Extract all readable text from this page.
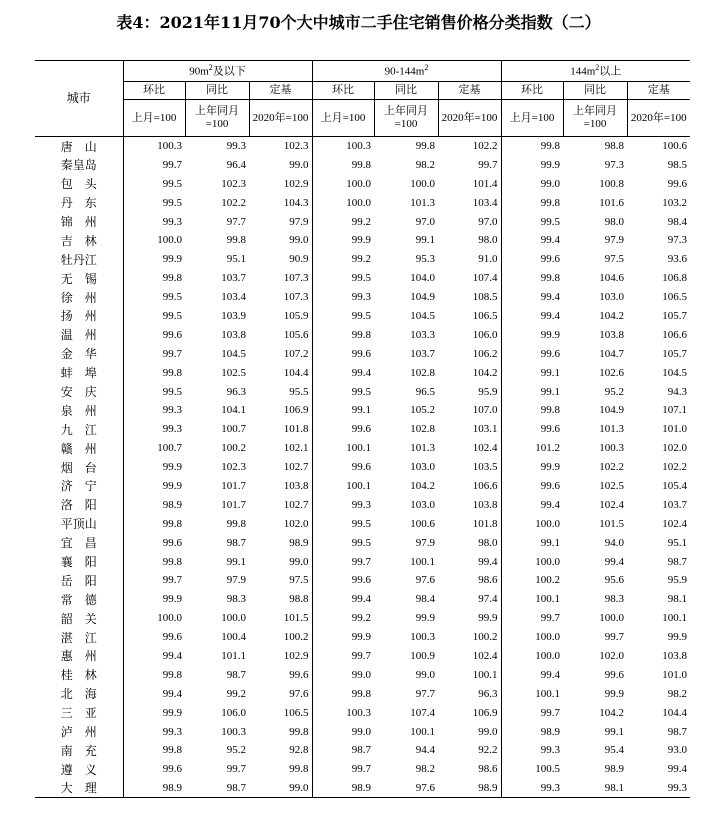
表4：2021年11月70个大中城市二手住宅销售价格分类指数（二）
城市	$90m^2$及以下			$90-144m^2$			$144m^2$以上		
	环比	同比	定基	环比	同比	定基	环比	同比	定基
	上月=100	上年同月=100	2020年=100	上月=100	上年同月=100	2020年=100	上月=100	上年同月=100	2020年=100
唐　山	100.3	99.3	102.3	100.3	99.8	102.2	99.8	98.8	100.6
秦皇岛	99.7	96.4	99.0	99.8	98.2	99.7	99.9	97.3	98.5
包　头	99.5	102.3	102.9	100.0	100.0	101.4	99.0	100.8	99.6
丹　东	99.5	102.2	104.3	100.0	101.3	103.4	99.8	101.6	103.2
锦　州	99.3	97.7	97.9	99.2	97.0	97.0	99.5	98.0	98.4
吉　林	100.0	99.8	99.0	99.9	99.1	98.0	99.4	97.9	97.3
牡丹江	99.9	95.1	90.9	99.2	95.3	91.0	99.6	97.5	93.6
无　锡	99.8	103.7	107.3	99.5	104.0	107.4	99.8	104.6	106.8
徐　州	99.5	103.4	107.3	99.3	104.9	108.5	99.4	103.0	106.5
扬　州	99.5	103.9	105.9	99.5	104.5	106.5	99.4	104.2	105.7
温　州	99.6	103.8	105.6	99.8	103.3	106.0	99.9	103.8	106.6
金　华	99.7	104.5	107.2	99.6	103.7	106.2	99.6	104.7	105.7
蚌　埠	99.8	102.5	104.4	99.4	102.8	104.2	99.1	102.6	104.5
安　庆	99.5	96.3	95.5	99.5	96.5	95.9	99.1	95.2	94.3
泉　州	99.3	104.1	106.9	99.1	105.2	107.0	99.8	104.9	107.1
九　江	99.3	100.7	101.8	99.6	102.8	103.1	99.6	101.3	101.0
赣　州	100.7	100.2	102.1	100.1	101.3	102.4	101.2	100.3	102.0
烟　台	99.9	102.3	102.7	99.6	103.0	103.5	99.9	102.2	102.2
济　宁	99.9	101.7	103.8	100.1	104.2	106.6	99.6	102.5	105.4
洛　阳	98.9	101.7	102.7	99.3	103.0	103.8	99.4	102.4	103.7
平顶山	99.8	99.8	102.0	99.5	100.6	101.8	100.0	101.5	102.4
宜　昌	99.6	98.7	98.9	99.5	97.9	98.0	99.1	94.0	95.1
襄　阳	99.8	99.1	99.0	99.7	100.1	99.4	100.0	99.4	98.7
岳　阳	99.7	97.9	97.5	99.6	97.6	98.6	100.2	95.6	95.9
常　德	99.9	98.3	98.8	99.4	98.4	97.4	100.1	98.3	98.1
韶　关	100.0	100.0	101.5	99.2	99.9	99.9	99.7	100.0	100.1
湛　江	99.6	100.4	100.2	99.9	100.3	100.2	100.0	99.7	99.9
惠　州	99.4	101.1	102.9	99.7	100.9	102.4	100.0	102.0	103.8
桂　林	99.8	98.7	99.6	99.0	99.0	100.1	99.4	99.6	101.0
北　海	99.4	99.2	97.6	99.8	97.7	96.3	100.1	99.9	98.2
三　亚	99.9	106.0	106.5	100.3	107.4	106.9	99.7	104.2	104.4
泸　州	99.3	100.3	99.8	99.0	100.1	99.0	98.9	99.1	98.7
南　充	99.8	95.2	92.8	98.7	94.4	92.2	99.3	95.4	93.0
遵　义	99.6	99.7	99.8	99.7	98.2	98.6	100.5	98.9	99.4
大　理	98.9	98.7	99.0	98.9	97.6	98.9	99.3	98.1	99.3
